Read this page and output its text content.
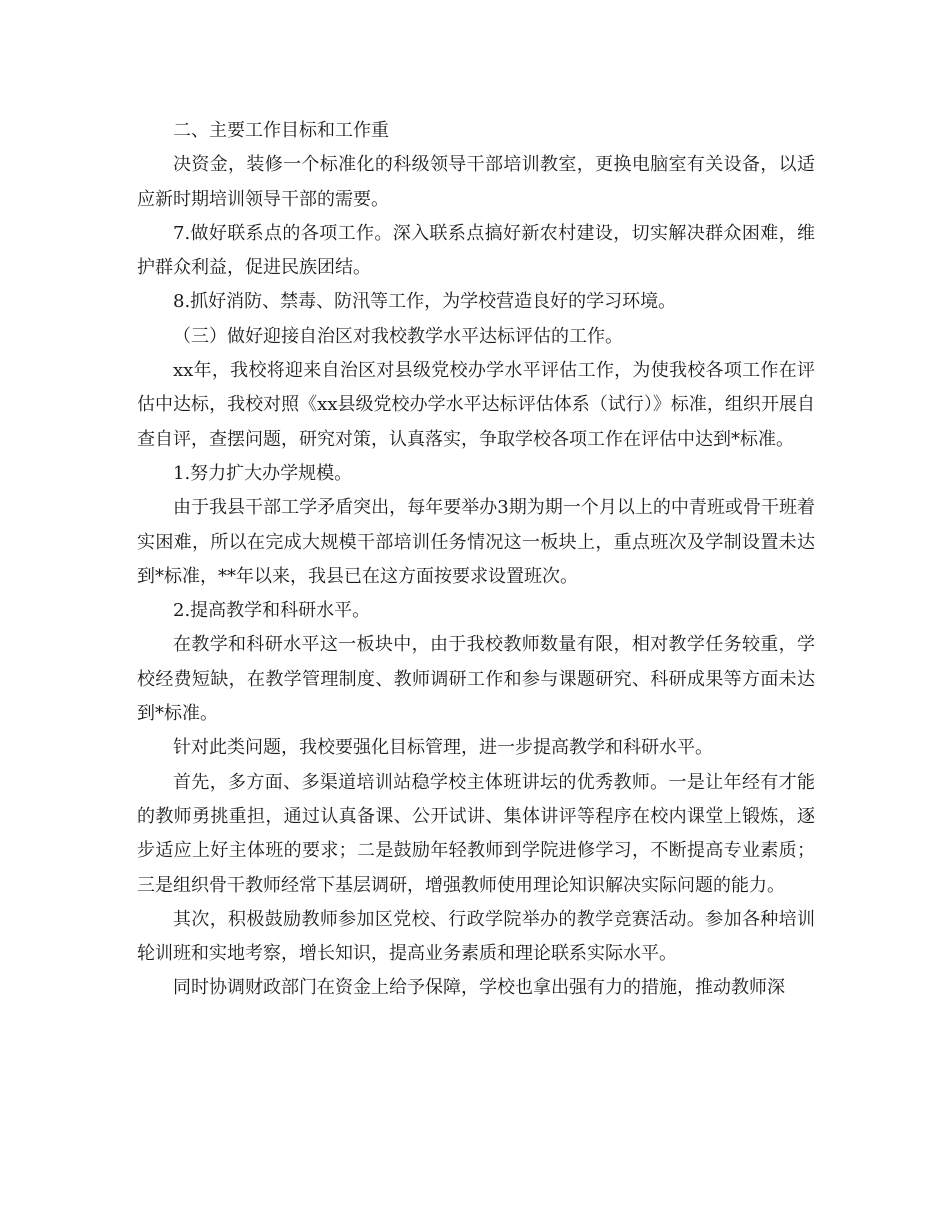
二、主要工作目标和工作重

决资金，装修一个标准化的科级领导干部培训教室，更换电脑室有关设备，以适应新时期培训领导干部的需要。

7.做好联系点的各项工作。深入联系点搞好新农村建设，切实解决群众困难，维护群众利益，促进民族团结。

8.抓好消防、禁毒、防汛等工作，为学校营造良好的学习环境。

（三）做好迎接自治区对我校教学水平达标评估的工作。

xx年，我校将迎来自治区对县级党校办学水平评估工作，为使我校各项工作在评估中达标，我校对照《xx县级党校办学水平达标评估体系（试行）》标准，组织开展自查自评，查摆问题，研究对策，认真落实，争取学校各项工作在评估中达到*标准。

1.努力扩大办学规模。

由于我县干部工学矛盾突出，每年要举办3期为期一个月以上的中青班或骨干班着实困难，所以在完成大规模干部培训任务情况这一板块上，重点班次及学制设置未达到*标准，**年以来，我县已在这方面按要求设置班次。

2.提高教学和科研水平。

在教学和科研水平这一板块中，由于我校教师数量有限，相对教学任务较重，学校经费短缺，在教学管理制度、教师调研工作和参与课题研究、科研成果等方面未达到*标准。

针对此类问题，我校要强化目标管理，进一步提高教学和科研水平。

首先，多方面、多渠道培训站稳学校主体班讲坛的优秀教师。一是让年经有才能的教师勇挑重担，通过认真备课、公开试讲、集体讲评等程序在校内课堂上锻炼，逐步适应上好主体班的要求；二是鼓励年轻教师到学院进修学习，不断提高专业素质；三是组织骨干教师经常下基层调研，增强教师使用理论知识解决实际问题的能力。

其次，积极鼓励教师参加区党校、行政学院举办的教学竞赛活动。参加各种培训轮训班和实地考察，增长知识，提高业务素质和理论联系实际水平。

同时协调财政部门在资金上给予保障，学校也拿出强有力的措施，推动教师深
